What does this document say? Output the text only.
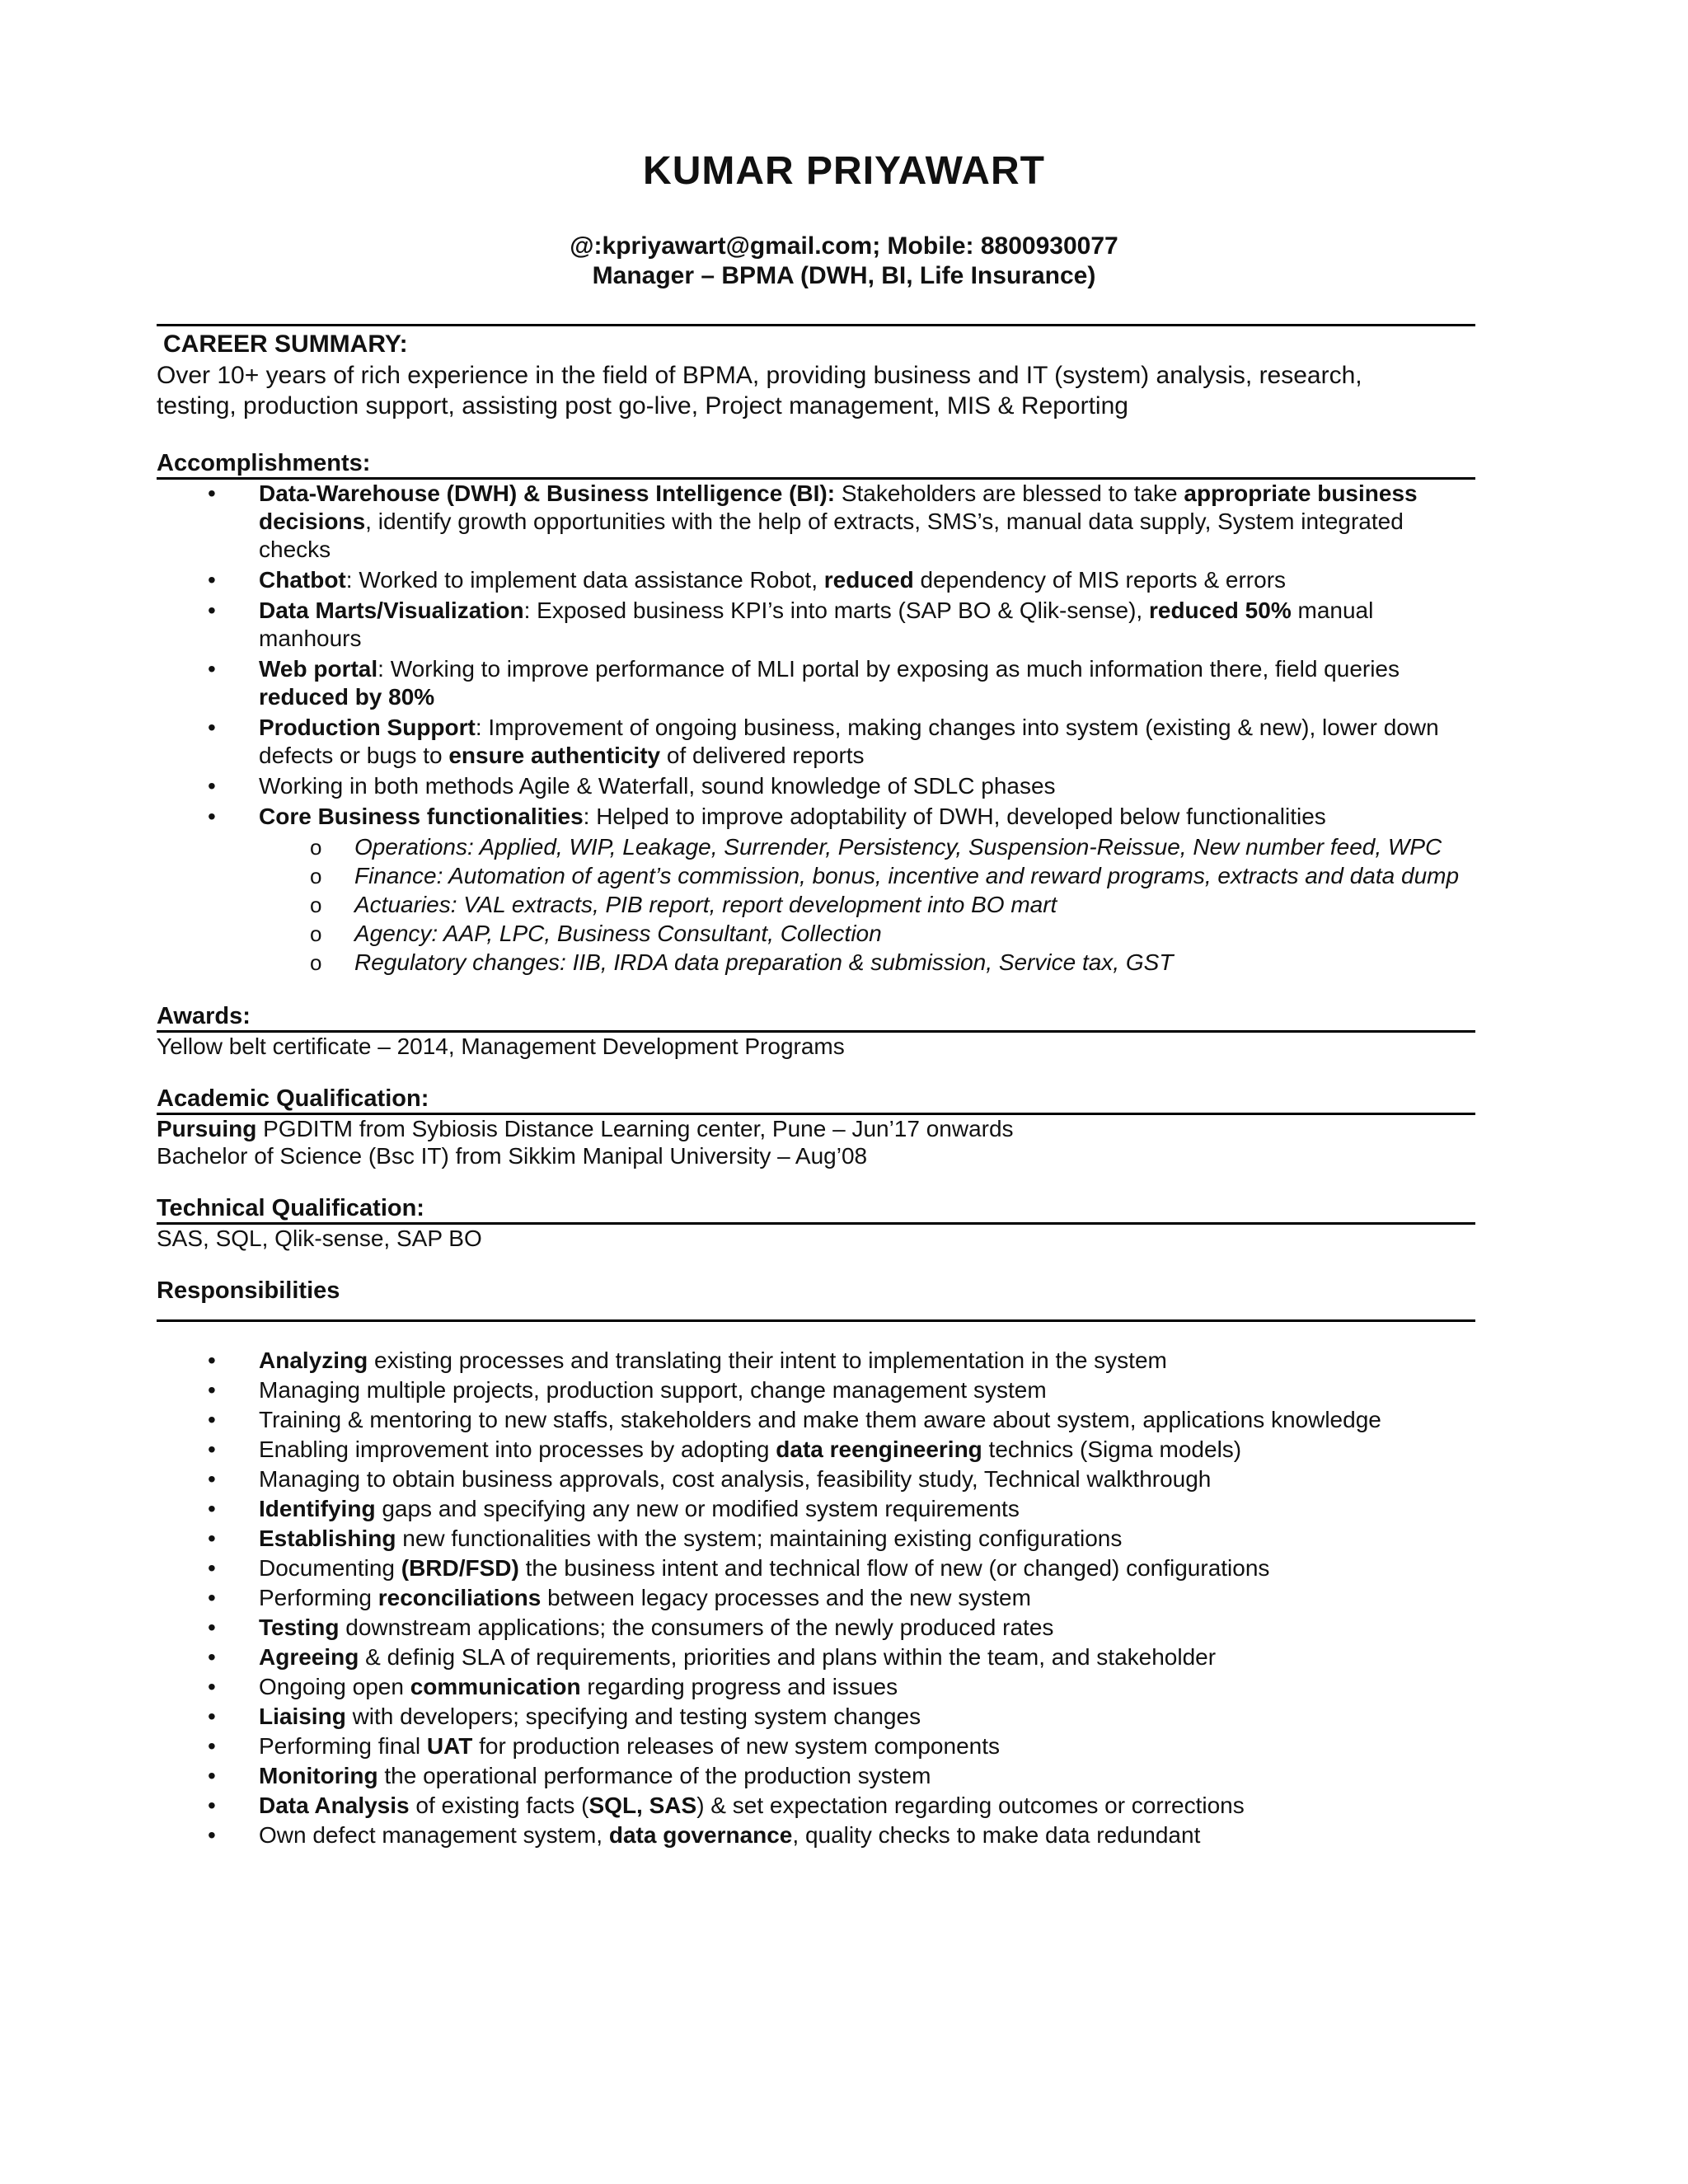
KUMAR PRIYAWART
@:kpriyawart@gmail.com; Mobile: 8800930077
Manager – BPMA (DWH, BI, Life Insurance)
CAREER SUMMARY:
Over 10+ years of rich experience in the field of BPMA, providing business and IT (system) analysis, research,
testing, production support, assisting post go-live, Project management, MIS & Reporting
Accomplishments:
• Data-Warehouse (DWH) & Business Intelligence (BI): Stakeholders are blessed to take appropriate business decisions, identify growth opportunities with the help of extracts, SMS’s, manual data supply, System integrated checks
• Chatbot: Worked to implement data assistance Robot, reduced dependency of MIS reports & errors
• Data Marts/Visualization: Exposed business KPI’s into marts (SAP BO & Qlik-sense), reduced 50% manual manhours
• Web portal: Working to improve performance of MLI portal by exposing as much information there, field queries reduced by 80%
• Production Support: Improvement of ongoing business, making changes into system (existing & new), lower down defects or bugs to ensure authenticity of delivered reports
• Working in both methods Agile & Waterfall, sound knowledge of SDLC phases
• Core Business functionalities: Helped to improve adoptability of DWH, developed below functionalities
o Operations: Applied, WIP, Leakage, Surrender, Persistency, Suspension-Reissue, New number feed, WPC
o Finance: Automation of agent’s commission, bonus, incentive and reward programs, extracts and data dump
o Actuaries: VAL extracts, PIB report, report development into BO mart
o Agency: AAP, LPC, Business Consultant, Collection
o Regulatory changes: IIB, IRDA data preparation & submission, Service tax, GST
Awards:
Yellow belt certificate – 2014, Management Development Programs
Academic Qualification:
Pursuing PGDITM from Sybiosis Distance Learning center, Pune – Jun’17 onwards
Bachelor of Science (Bsc IT) from Sikkim Manipal University – Aug’08
Technical Qualification:
SAS, SQL, Qlik-sense, SAP BO
Responsibilities
• Analyzing existing processes and translating their intent to implementation in the system
• Managing multiple projects, production support, change management system
• Training & mentoring to new staffs, stakeholders and make them aware about system, applications knowledge
• Enabling improvement into processes by adopting data reengineering technics (Sigma models)
• Managing to obtain business approvals, cost analysis, feasibility study, Technical walkthrough
• Identifying gaps and specifying any new or modified system requirements
• Establishing new functionalities with the system; maintaining existing configurations
• Documenting (BRD/FSD) the business intent and technical flow of new (or changed) configurations
• Performing reconciliations between legacy processes and the new system
• Testing downstream applications; the consumers of the newly produced rates
• Agreeing & definig SLA of requirements, priorities and plans within the team, and stakeholder
• Ongoing open communication regarding progress and issues
• Liaising with developers; specifying and testing system changes
• Performing final UAT for production releases of new system components
• Monitoring the operational performance of the production system
• Data Analysis of existing facts (SQL, SAS) & set expectation regarding outcomes or corrections
• Own defect management system, data governance, quality checks to make data redundant
